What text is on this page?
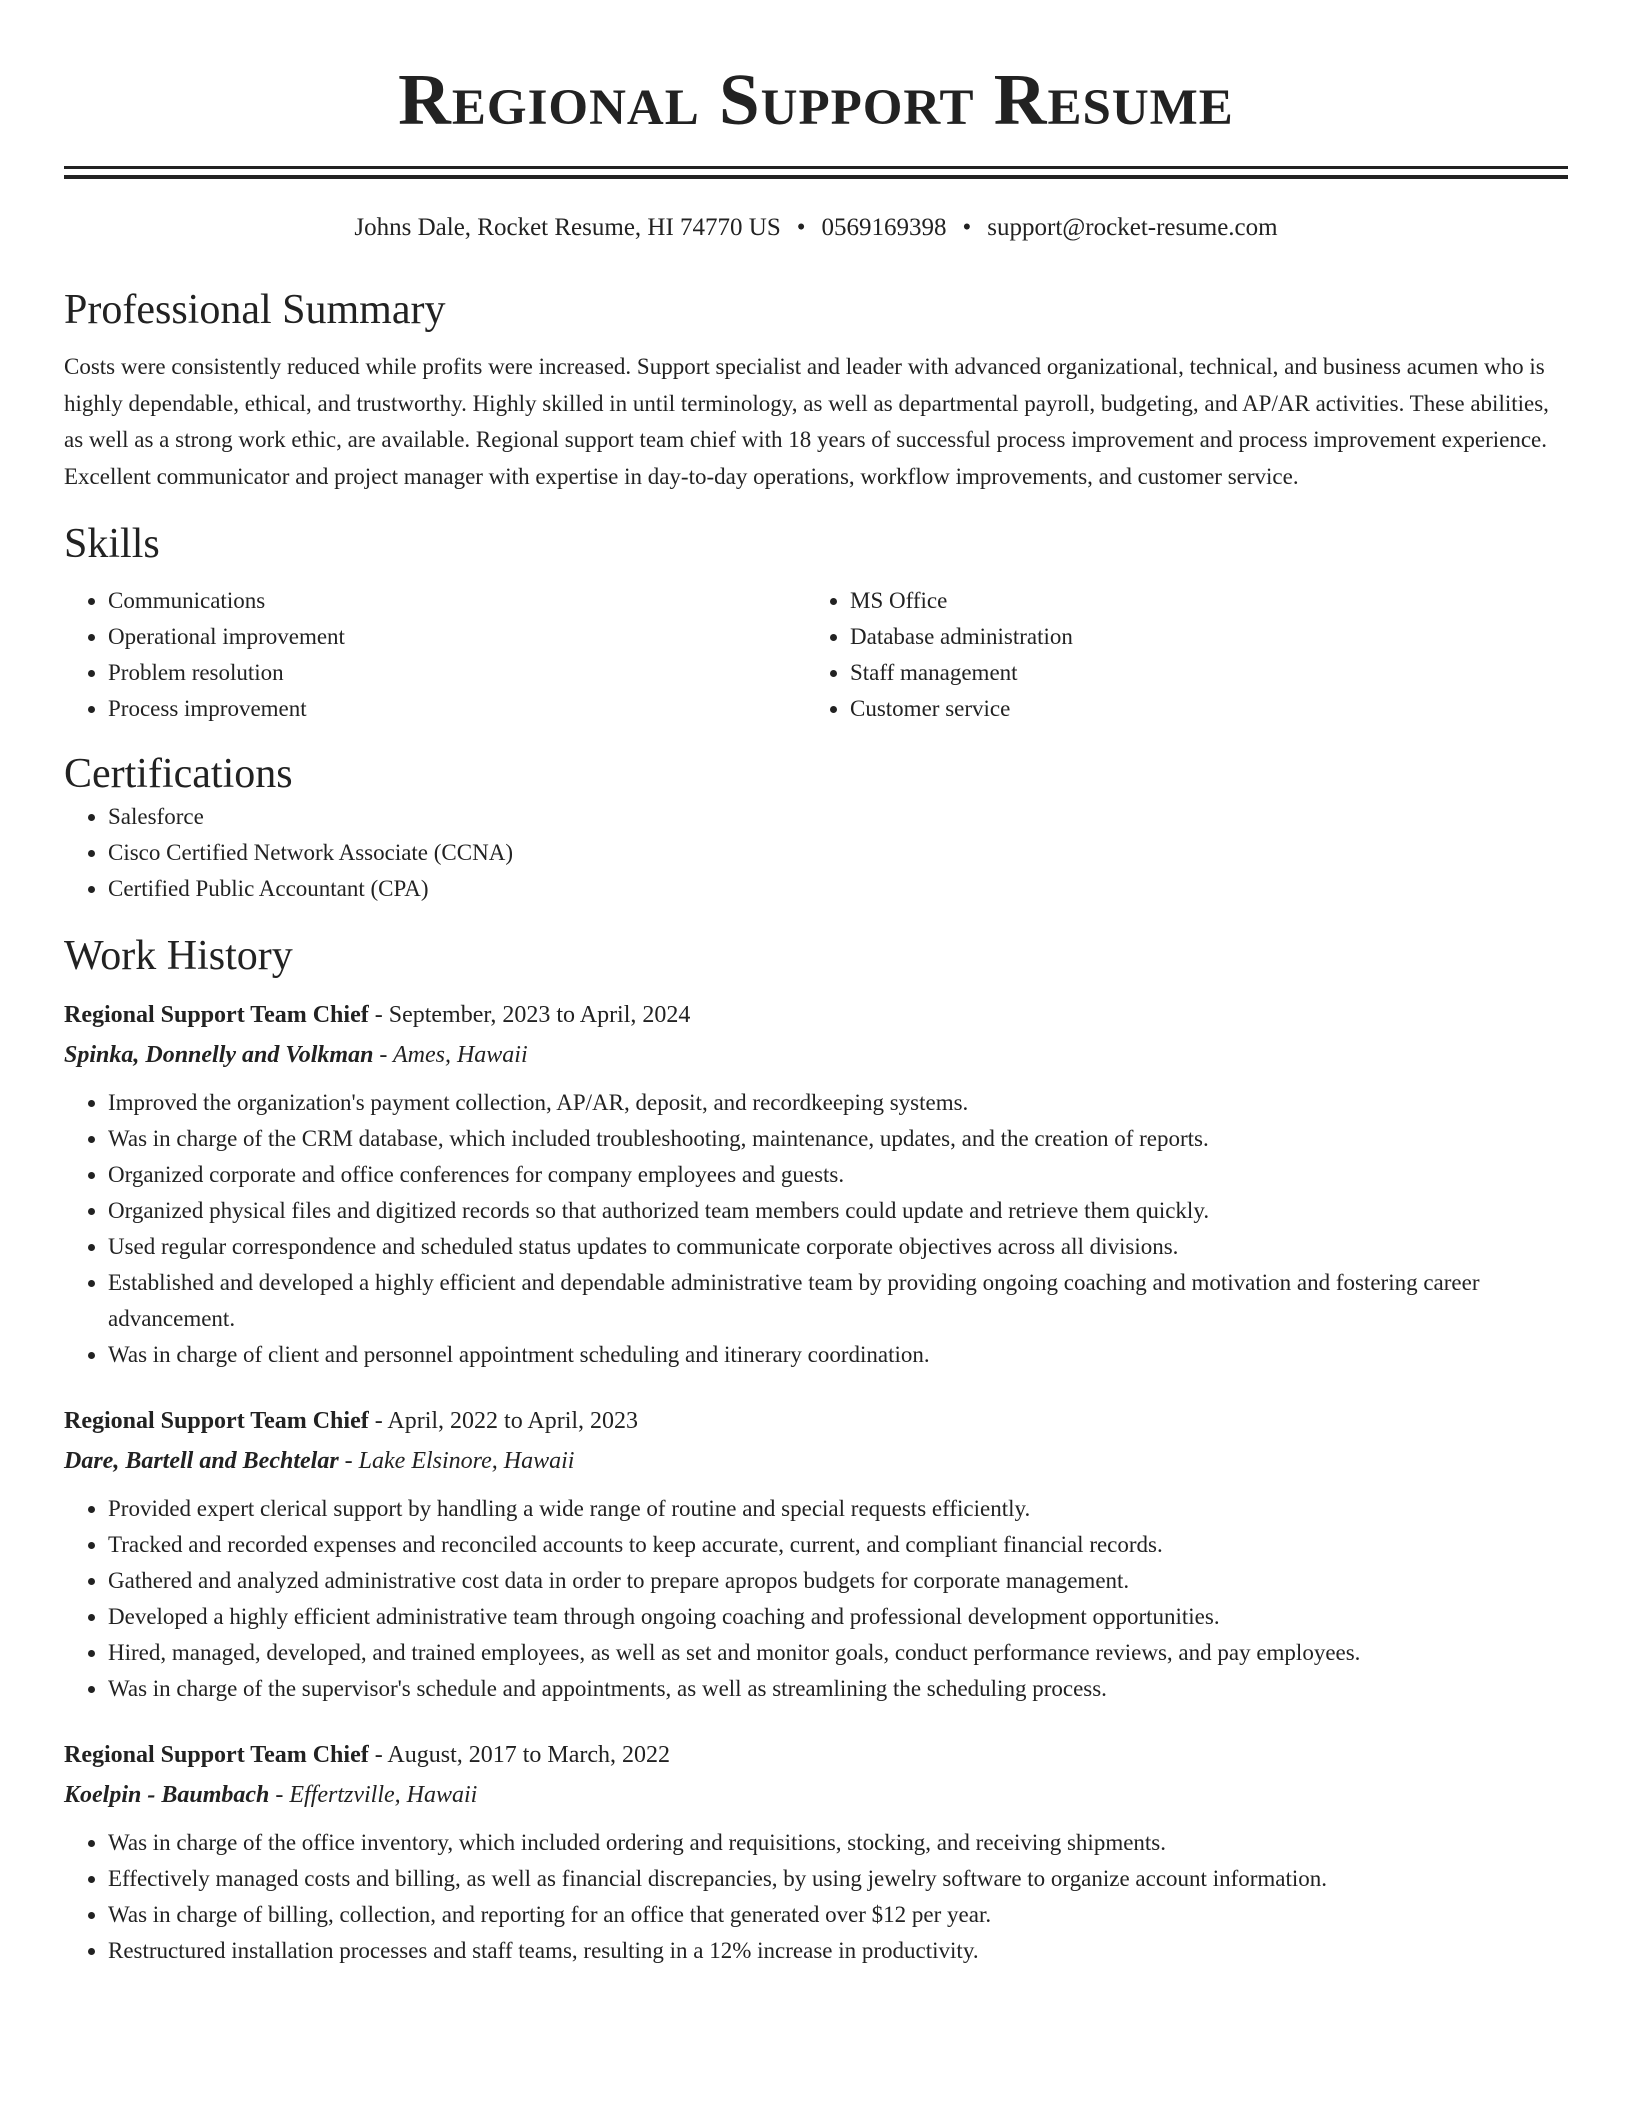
Regional Support Resume
Johns Dale, Rocket Resume, HI 74770 US • 0569169398 • support@rocket-resume.com
Professional Summary

Costs were consistently reduced while profits were increased. Support specialist and leader with advanced organizational, technical, and business acumen who is highly dependable, ethical, and trustworthy. Highly skilled in until terminology, as well as departmental payroll, budgeting, and AP/AR activities. These abilities, as well as a strong work ethic, are available. Regional support team chief with 18 years of successful process improvement and process improvement experience. Excellent communicator and project manager with expertise in day-to-day operations, workflow improvements, and customer service.

Skills
• Communications
• Operational improvement
• Problem resolution
• Process improvement
• MS Office
• Database administration
• Staff management
• Customer service
Certifications
• Salesforce
• Cisco Certified Network Associate (CCNA)
• Certified Public Accountant (CPA)
Work History
Regional Support Team Chief - September, 2023 to April, 2024
Spinka, Donnelly and Volkman - Ames, Hawaii
• Improved the organization's payment collection, AP/AR, deposit, and recordkeeping systems.
• Was in charge of the CRM database, which included troubleshooting, maintenance, updates, and the creation of reports.
• Organized corporate and office conferences for company employees and guests.
• Organized physical files and digitized records so that authorized team members could update and retrieve them quickly.
• Used regular correspondence and scheduled status updates to communicate corporate objectives across all divisions.
• Established and developed a highly efficient and dependable administrative team by providing ongoing coaching and motivation and fostering career advancement.
• Was in charge of client and personnel appointment scheduling and itinerary coordination.
Regional Support Team Chief - April, 2022 to April, 2023
Dare, Bartell and Bechtelar - Lake Elsinore, Hawaii
• Provided expert clerical support by handling a wide range of routine and special requests efficiently.
• Tracked and recorded expenses and reconciled accounts to keep accurate, current, and compliant financial records.
• Gathered and analyzed administrative cost data in order to prepare apropos budgets for corporate management.
• Developed a highly efficient administrative team through ongoing coaching and professional development opportunities.
• Hired, managed, developed, and trained employees, as well as set and monitor goals, conduct performance reviews, and pay employees.
• Was in charge of the supervisor's schedule and appointments, as well as streamlining the scheduling process.
Regional Support Team Chief - August, 2017 to March, 2022
Koelpin - Baumbach - Effertzville, Hawaii
• Was in charge of the office inventory, which included ordering and requisitions, stocking, and receiving shipments.
• Effectively managed costs and billing, as well as financial discrepancies, by using jewelry software to organize account information.
• Was in charge of billing, collection, and reporting for an office that generated over $12 per year.
• Restructured installation processes and staff teams, resulting in a 12% increase in productivity.
